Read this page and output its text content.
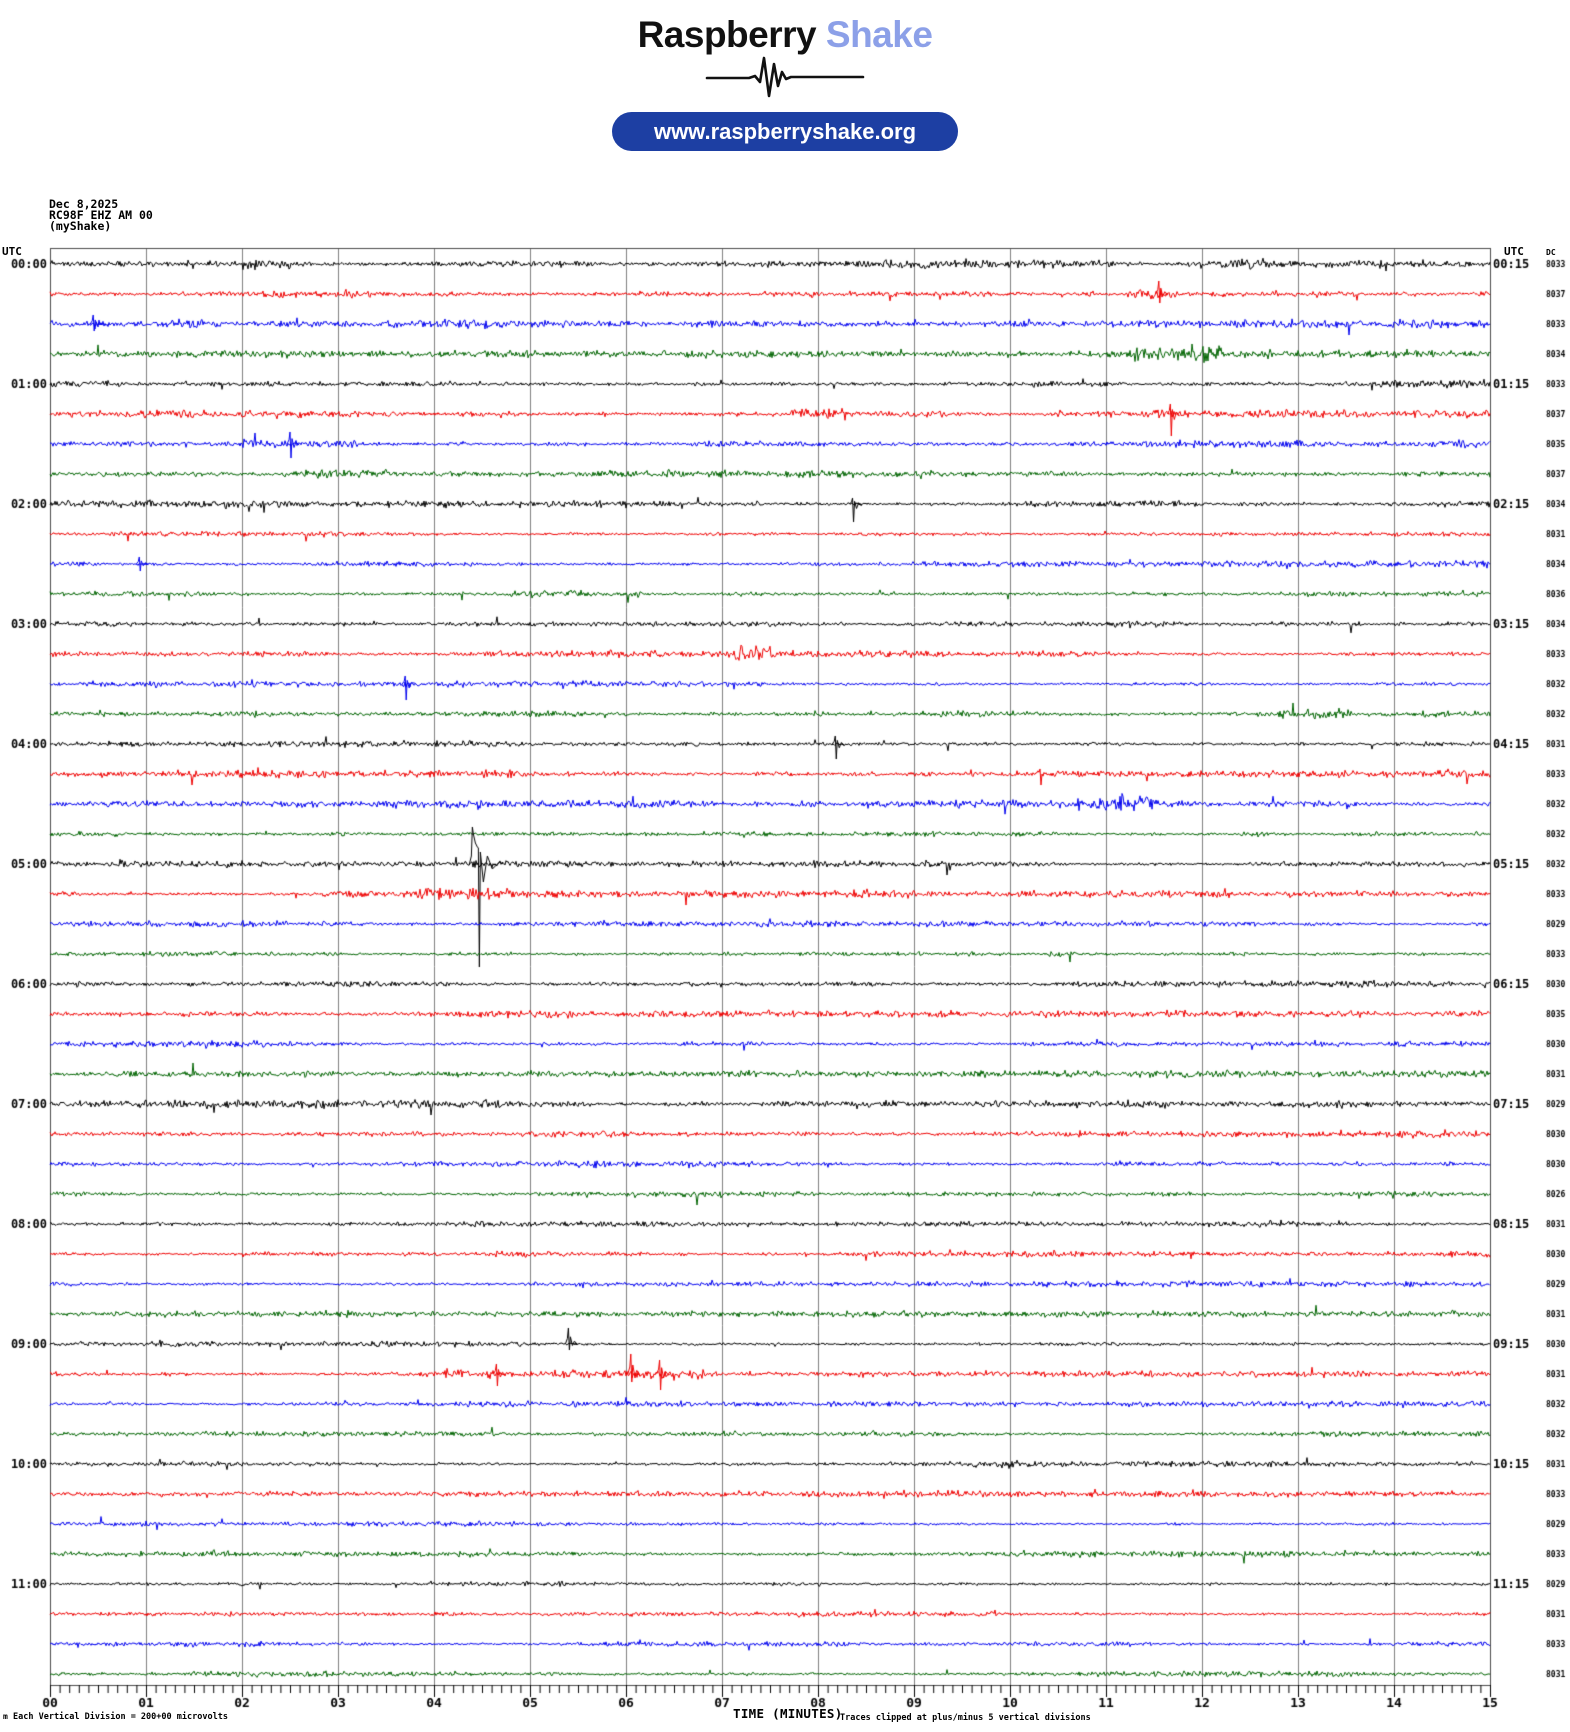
m Each Vertical Division = 200+00 microvolts	TIME (MINUTES)
Traces clipped at plus/minus 5 vertical divisions
